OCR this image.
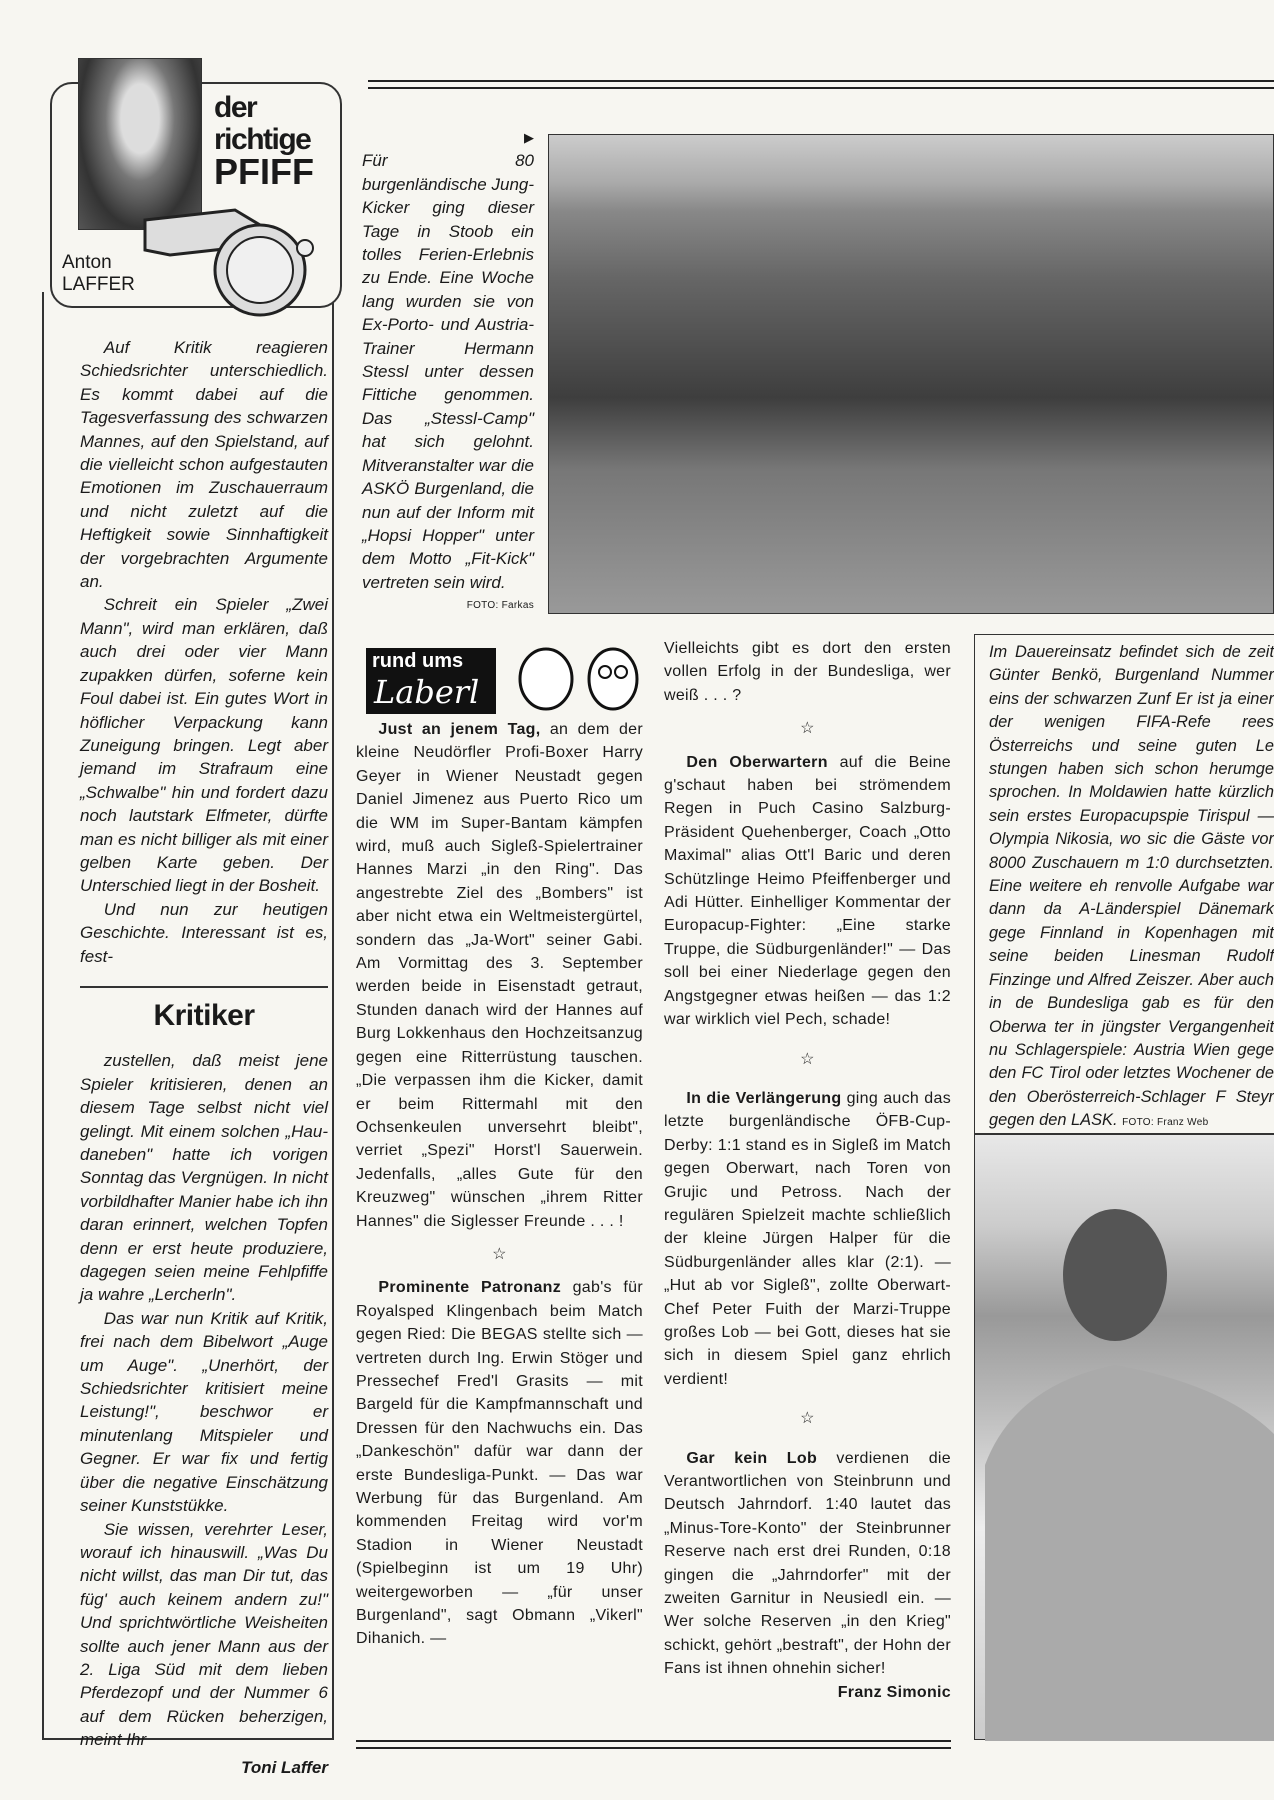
der
richtige
PFIFF
Anton
LAFFER

Auf Kritik reagieren Schiedsrichter unterschiedlich. Es kommt dabei auf die Tagesverfassung des schwarzen Mannes, auf den Spielstand, auf die vielleicht schon aufgestauten Emotionen im Zuschauerraum und nicht zuletzt auf die Heftigkeit sowie Sinnhaftigkeit der vorgebrachten Argumente an.

Schreit ein Spieler „Zwei Mann", wird man erklären, daß auch drei oder vier Mann zupakken dürfen, soferne kein Foul dabei ist. Ein gutes Wort in höflicher Verpackung kann Zuneigung bringen. Legt aber jemand im Strafraum eine „Schwalbe" hin und fordert dazu noch lautstark Elfmeter, dürfte man es nicht billiger als mit einer gelben Karte geben. Der Unterschied liegt in der Bosheit.

Und nun zur heutigen Geschichte. Interessant ist es, fest-

Kritiker

zustellen, daß meist jene Spieler kritisieren, denen an diesem Tage selbst nicht viel gelingt. Mit einem solchen „Hau-daneben" hatte ich vorigen Sonntag das Vergnügen. In nicht vorbildhafter Manier habe ich ihn daran erinnert, welchen Topfen denn er erst heute produziere, dagegen seien meine Fehlpfiffe ja wahre „Lercherln".

Das war nun Kritik auf Kritik, frei nach dem Bibelwort „Auge um Auge". „Unerhört, der Schiedsrichter kritisiert meine Leistung!", beschwor er minutenlang Mitspieler und Gegner. Er war fix und fertig über die negative Einschätzung seiner Kunststükke.

Sie wissen, verehrter Leser, worauf ich hinauswill. „Was Du nicht willst, das man Dir tut, das füg' auch keinem andern zu!" Und sprichtwörtliche Weisheiten sollte auch jener Mann aus der 2. Liga Süd mit dem lieben Pferdezopf und der Nummer 6 auf dem Rücken beherzigen, meint Ihr

Toni Laffer
▶

Für 80 burgenländische Jung-Kicker ging dieser Tage in Stoob ein tolles Ferien-Erlebnis zu Ende. Eine Woche lang wurden sie von Ex-Porto- und Austria-Trainer Hermann Stessl unter dessen Fittiche genommen. Das „Stessl-Camp" hat sich gelohnt. Mitveranstalter war die ASKÖ Burgenland, die nun auf der Inform mit „Hopsi Hopper" unter dem Motto „Fit-Kick" vertreten sein wird.
FOTO: Farkas

rund ums
Laberl

Just an jenem Tag, an dem der kleine Neudörfler Profi-Boxer Harry Geyer in Wiener Neustadt gegen Daniel Jimenez aus Puerto Rico um die WM im Super-Bantam kämpfen wird, muß auch Sigleß-Spielertrainer Hannes Marzi „in den Ring". Das angestrebte Ziel des „Bombers" ist aber nicht etwa ein Weltmeistergürtel, sondern das „Ja-Wort" seiner Gabi. Am Vormittag des 3. September werden beide in Eisenstadt getraut, Stunden danach wird der Hannes auf Burg Lokkenhaus den Hochzeitsanzug gegen eine Ritterrüstung tauschen. „Die verpassen ihm die Kicker, damit er beim Rittermahl mit den Ochsenkeulen unversehrt bleibt", verriet „Spezi" Horst'l Sauerwein. Jedenfalls, „alles Gute für den Kreuzweg" wünschen „ihrem Ritter Hannes" die Siglesser Freunde . . . !

☆

Prominente Patronanz gab's für Royalsped Klingenbach beim Match gegen Ried: Die BEGAS stellte sich — vertreten durch Ing. Erwin Stöger und Pressechef Fred'l Grasits — mit Bargeld für die Kampfmannschaft und Dressen für den Nachwuchs ein. Das „Dankeschön" dafür war dann der erste Bundesliga-Punkt. — Das war Werbung für das Burgenland. Am kommenden Freitag wird vor'm Stadion in Wiener Neustadt (Spielbeginn ist um 19 Uhr) weitergeworben — „für unser Burgenland", sagt Obmann „Vikerl" Dihanich. —

Vielleichts gibt es dort den ersten vollen Erfolg in der Bundesliga, wer weiß . . . ?

☆

Den Oberwartern auf die Beine g'schaut haben bei strömendem Regen in Puch Casino Salzburg-Präsident Quehenberger, Coach „Otto Maximal" alias Ott'l Baric und deren Schützlinge Heimo Pfeiffenberger und Adi Hütter. Einhelliger Kommentar der Europacup-Fighter: „Eine starke Truppe, die Südburgenländer!" — Das soll bei einer Niederlage gegen den Angstgegner etwas heißen — das 1:2 war wirklich viel Pech, schade!

☆

In die Verlängerung ging auch das letzte burgenländische ÖFB-Cup-Derby: 1:1 stand es in Sigleß im Match gegen Oberwart, nach Toren von Grujic und Petross. Nach der regulären Spielzeit machte schließlich der kleine Jürgen Halper für die Südburgenländer alles klar (2:1). — „Hut ab vor Sigleß", zollte Oberwart-Chef Peter Fuith der Marzi-Truppe großes Lob — bei Gott, dieses hat sie sich in diesem Spiel ganz ehrlich verdient!

☆

Gar kein Lob verdienen die Verantwortlichen von Steinbrunn und Deutsch Jahrndorf. 1:40 lautet das „Minus-Tore-Konto" der Steinbrunner Reserve nach erst drei Runden, 0:18 gingen die „Jahrndorfer" mit der zweiten Garnitur in Neusiedl ein. — Wer solche Reserven „in den Krieg" schickt, gehört „bestraft", der Hohn der Fans ist ihnen ohnehin sicher!
Franz Simonic

Im Dauereinsatz befindet sich de zeit Günter Benkö, Burgenland Nummer eins der schwarzen Zunf Er ist ja einer der wenigen FIFA-Refe rees Österreichs und seine guten Le stungen haben sich schon herumge sprochen. In Moldawien hatte kürzlich sein erstes Europacupspie Tirispul — Olympia Nikosia, wo sic die Gäste vor 8000 Zuschauern m 1:0 durchsetzten. Eine weitere eh renvolle Aufgabe war dann da A-Länderspiel Dänemark gege Finnland in Kopenhagen mit seine beiden Linesman Rudolf Finzinge und Alfred Zeiszer. Aber auch in de Bundesliga gab es für den Oberwa ter in jüngster Vergangenheit nu Schlagerspiele: Austria Wien gege den FC Tirol oder letztes Wochener de den Oberösterreich-Schlager F Steyr gegen den LASK. FOTO: Franz Web
